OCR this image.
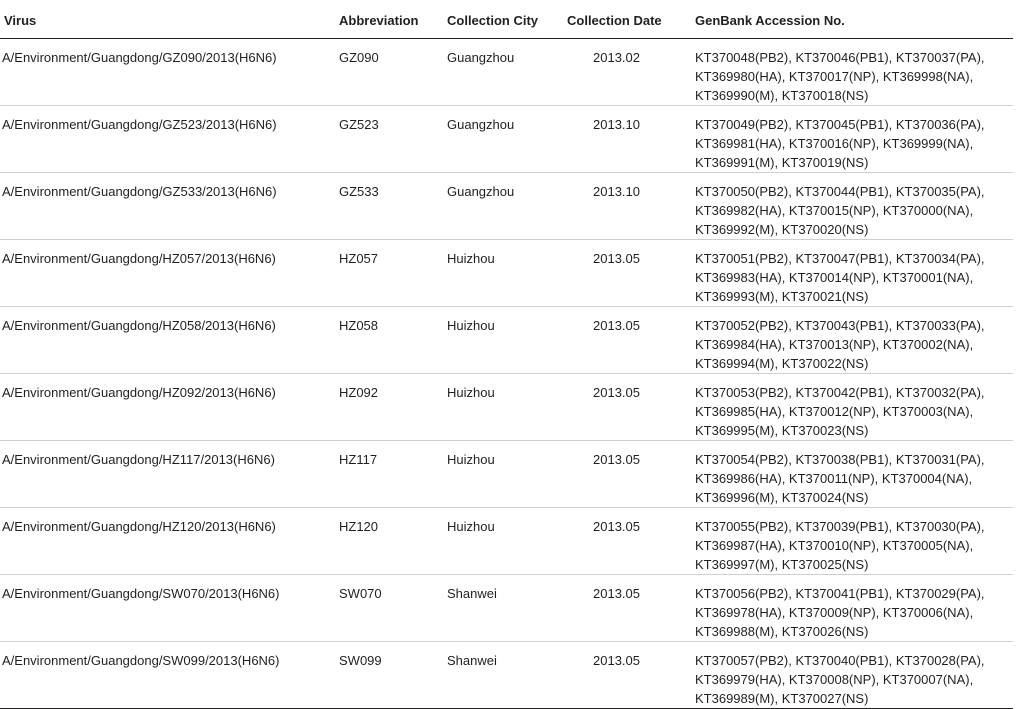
Virus	Abbreviation	Collection City	Collection Date	GenBank Accession No.
A/Environment/Guangdong/GZ090/2013(H6N6)	GZ090	Guangzhou	2013.02	KT370048(PB2), KT370046(PB1), KT370037(PA),
KT369980(HA), KT370017(NP), KT369998(NA),
KT369990(M), KT370018(NS)

A/Environment/Guangdong/GZ523/2013(H6N6)	GZ523	Guangzhou	2013.10	KT370049(PB2), KT370045(PB1), KT370036(PA),
KT369981(HA), KT370016(NP), KT369999(NA),
KT369991(M), KT370019(NS)

A/Environment/Guangdong/GZ533/2013(H6N6)	GZ533	Guangzhou	2013.10	KT370050(PB2), KT370044(PB1), KT370035(PA),
KT369982(HA), KT370015(NP), KT370000(NA),
KT369992(M), KT370020(NS)

A/Environment/Guangdong/HZ057/2013(H6N6)	HZ057	Huizhou	2013.05	KT370051(PB2), KT370047(PB1), KT370034(PA),
KT369983(HA), KT370014(NP), KT370001(NA),
KT369993(M), KT370021(NS)

A/Environment/Guangdong/HZ058/2013(H6N6)	HZ058	Huizhou	2013.05	KT370052(PB2), KT370043(PB1), KT370033(PA),
KT369984(HA), KT370013(NP), KT370002(NA),
KT369994(M), KT370022(NS)

A/Environment/Guangdong/HZ092/2013(H6N6)	HZ092	Huizhou	2013.05	KT370053(PB2), KT370042(PB1), KT370032(PA),
KT369985(HA), KT370012(NP), KT370003(NA),
KT369995(M), KT370023(NS)

A/Environment/Guangdong/HZ117/2013(H6N6)	HZ117	Huizhou	2013.05	KT370054(PB2), KT370038(PB1), KT370031(PA),
KT369986(HA), KT370011(NP), KT370004(NA),
KT369996(M), KT370024(NS)

A/Environment/Guangdong/HZ120/2013(H6N6)	HZ120	Huizhou	2013.05	KT370055(PB2), KT370039(PB1), KT370030(PA),
KT369987(HA), KT370010(NP), KT370005(NA),
KT369997(M), KT370025(NS)

A/Environment/Guangdong/SW070/2013(H6N6)	SW070	Shanwei	2013.05	KT370056(PB2), KT370041(PB1), KT370029(PA),
KT369978(HA), KT370009(NP), KT370006(NA),
KT369988(M), KT370026(NS)

A/Environment/Guangdong/SW099/2013(H6N6)	SW099	Shanwei	2013.05	KT370057(PB2), KT370040(PB1), KT370028(PA),
KT369979(HA), KT370008(NP), KT370007(NA),
KT369989(M), KT370027(NS)
